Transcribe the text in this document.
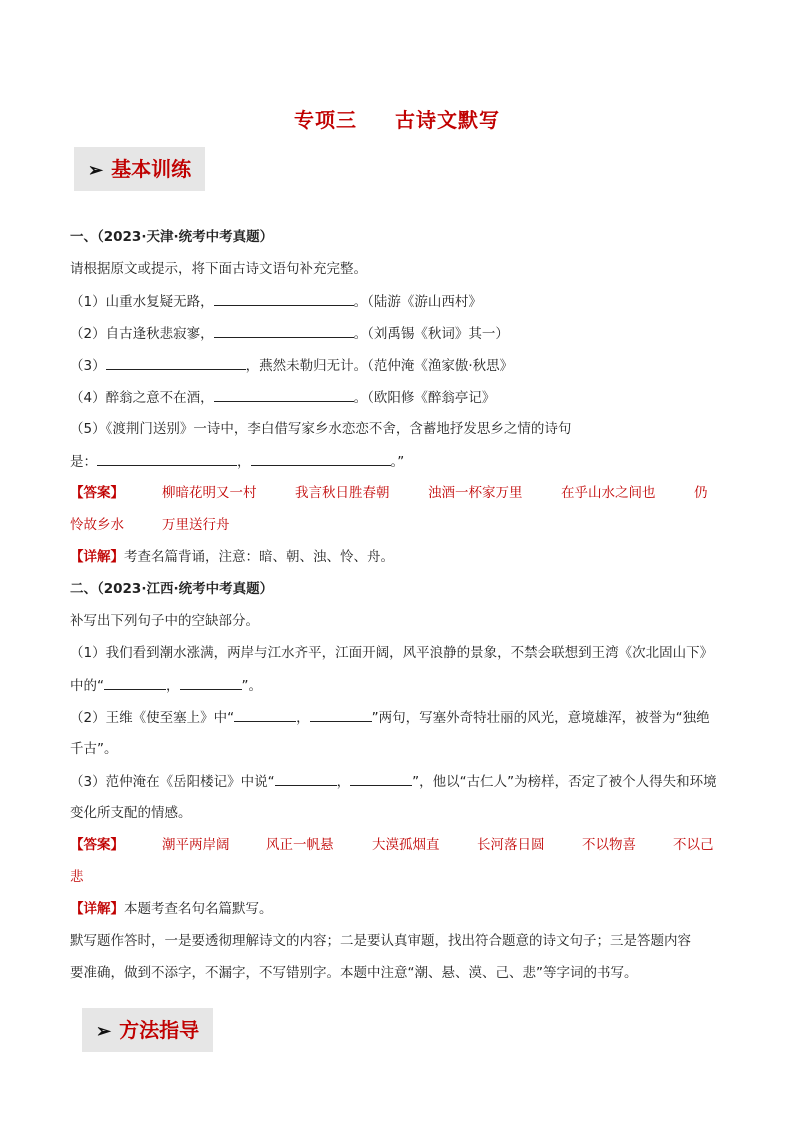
专项三 古诗文默写
➢ 基本训练
一、（2023·天津·统考中考真题）
请根据原文或提示，将下面古诗文语句补充完整。
（1）山重水复疑无路，	。（陆游《游山西村》
（2）自古逢秋悲寂寥，	。（刘禹锡《秋词》其一）
（3）	，燕然未勒归无计。（范仲淹《渔家傲·秋思》
（4）醉翁之意不在酒，	。（欧阳修《醉翁亭记》
（5）《渡荆门送别》一诗中，李白借写家乡水恋恋不舍，含蓄地抒发思乡之情的诗句
是：	，	。”
【答案】	柳暗花明又一村	我言秋日胜春朝	浊酒一杯家万里	在乎山水之间也	仍
怜故乡水	万里送行舟
【详解】考查名篇背诵，注意：暗、朝、浊、怜、舟。
二、（2023·江西·统考中考真题）
补写出下列句子中的空缺部分。
（1）我们看到潮水涨满，两岸与江水齐平，江面开阔，风平浪静的景象，不禁会联想到王湾《次北固山下》
中的“	，	”。
（2）王维《使至塞上》中“	，	”两句，写塞外奇特壮丽的风光，意境雄浑，被誉为“独绝
千古”。
（3）范仲淹在《岳阳楼记》中说“	，	”，他以“古仁人”为榜样，否定了被个人得失和环境
变化所支配的情感。
【答案】	潮平两岸阔	风正一帆悬	大漠孤烟直	长河落日圆	不以物喜	不以己
悲
【详解】本题考查名句名篇默写。
默写题作答时，一是要透彻理解诗文的内容；二是要认真审题，找出符合题意的诗文句子；三是答题内容
要准确，做到不添字，不漏字，不写错别字。本题中注意“潮、悬、漠、己、悲”等字词的书写。
➢ 方法指导
